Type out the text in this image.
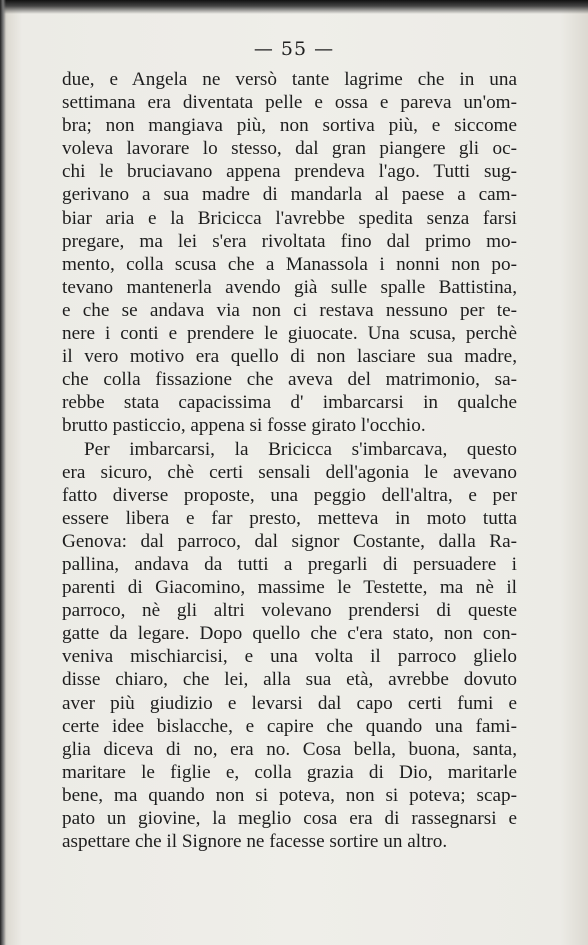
— 55 —
due, e Angela ne versò tante lagrime che in una
settimana era diventata pelle e ossa e pareva un'om-
bra; non mangiava più, non sortiva più, e siccome
voleva lavorare lo stesso, dal gran piangere gli oc-
chi le bruciavano appena prendeva l'ago. Tutti sug-
gerivano a sua madre di mandarla al paese a cam-
biar aria e la Bricicca l'avrebbe spedita senza farsi
pregare, ma lei s'era rivoltata fino dal primo mo-
mento, colla scusa che a Manassola i nonni non po-
tevano mantenerla avendo già sulle spalle Battistina,
e che se andava via non ci restava nessuno per te-
nere i conti e prendere le giuocate. Una scusa, perchè
il vero motivo era quello di non lasciare sua madre,
che colla fissazione che aveva del matrimonio, sa-
rebbe stata capacissima d' imbarcarsi in qualche
brutto pasticcio, appena si fosse girato l'occhio.
Per imbarcarsi, la Bricicca s'imbarcava, questo
era sicuro, chè certi sensali dell'agonia le avevano
fatto diverse proposte, una peggio dell'altra, e per
essere libera e far presto, metteva in moto tutta
Genova: dal parroco, dal signor Costante, dalla Ra-
pallina, andava da tutti a pregarli di persuadere i
parenti di Giacomino, massime le Testette, ma nè il
parroco, nè gli altri volevano prendersi di queste
gatte da legare. Dopo quello che c'era stato, non con-
veniva mischiarcisi, e una volta il parroco glielo
disse chiaro, che lei, alla sua età, avrebbe dovuto
aver più giudizio e levarsi dal capo certi fumi e
certe idee bislacche, e capire che quando una fami-
glia diceva di no, era no. Cosa bella, buona, santa,
maritare le figlie e, colla grazia di Dio, maritarle
bene, ma quando non si poteva, non si poteva; scap-
pato un giovine, la meglio cosa era di rassegnarsi e
aspettare che il Signore ne facesse sortire un altro.
